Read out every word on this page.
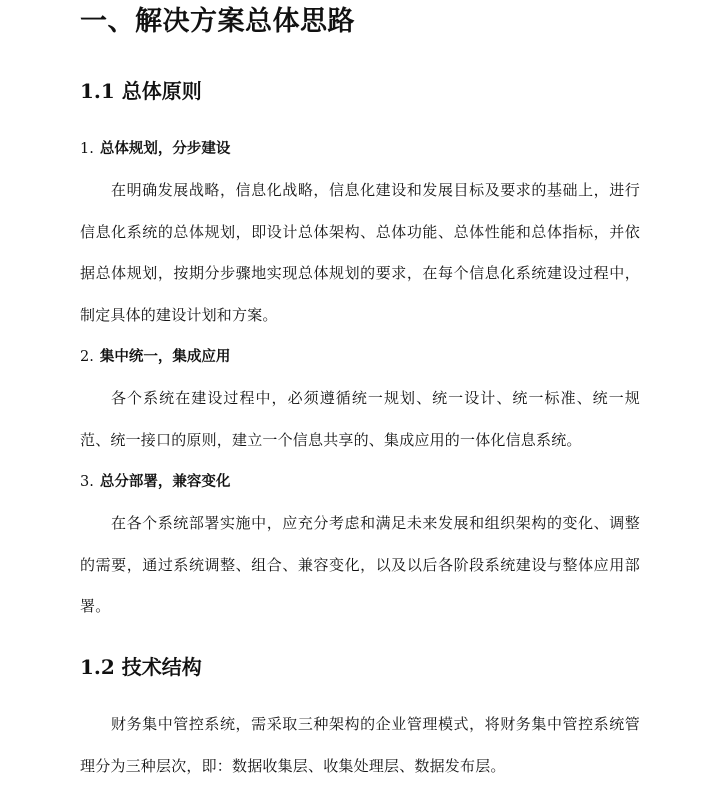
一、解决方案总体思路
1.1 总体原则
1. 总体规划，分步建设

在明确发展战略，信息化战略，信息化建设和发展目标及要求的基础上，进行信息化系统的总体规划，即设计总体架构、总体功能、总体性能和总体指标，并依据总体规划，按期分步骤地实现总体规划的要求，在每个信息化系统建设过程中，制定具体的建设计划和方案。

2. 集中统一，集成应用

各个系统在建设过程中，必须遵循统一规划、统一设计、统一标准、统一规范、统一接口的原则，建立一个信息共享的、集成应用的一体化信息系统。

3. 总分部署，兼容变化

在各个系统部署实施中，应充分考虑和满足未来发展和组织架构的变化、调整的需要，通过系统调整、组合、兼容变化，以及以后各阶段系统建设与整体应用部署。

1.2 技术结构

财务集中管控系统，需采取三种架构的企业管理模式，将财务集中管控系统管理分为三种层次，即：数据收集层、收集处理层、数据发布层。
